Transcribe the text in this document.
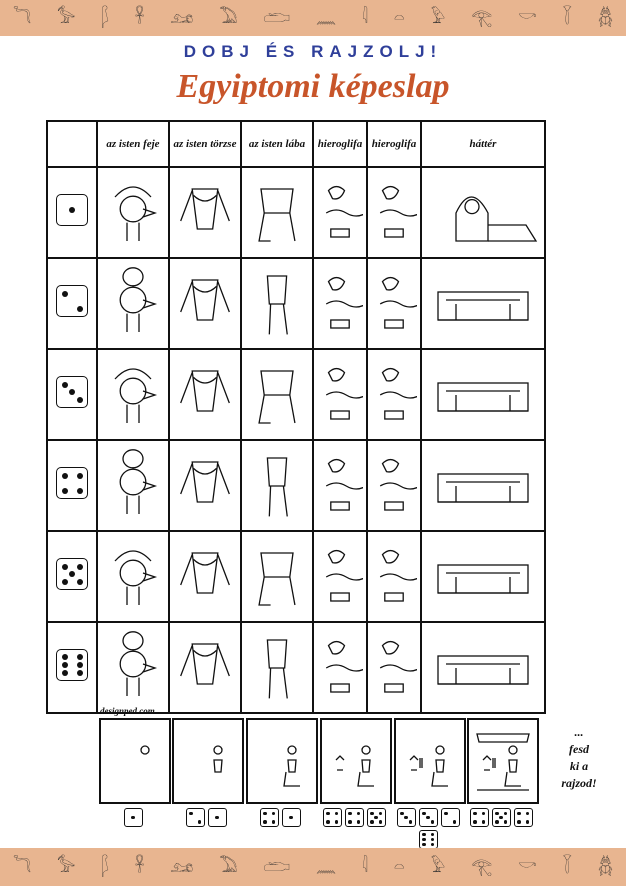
𓆓 𓅞 𓆄 𓋹 𓃭 𓅐 𓂧 𓈖 𓇋 𓏏 𓅱 𓂀 𓎡 𓇅 𓆣
DOBJ ÉS RAJZOLJ!
Egyiptomi képeslap
	az isten feje	az isten törzse	az isten lába	hieroglifa	hieroglifa	háttér

designped.com
...
fesd
ki a
rajzod!
𓆓 𓅞 𓆄 𓋹 𓃭 𓅐 𓂧 𓈖 𓇋 𓏏 𓅱 𓂀 𓎡 𓇅 𓆣
